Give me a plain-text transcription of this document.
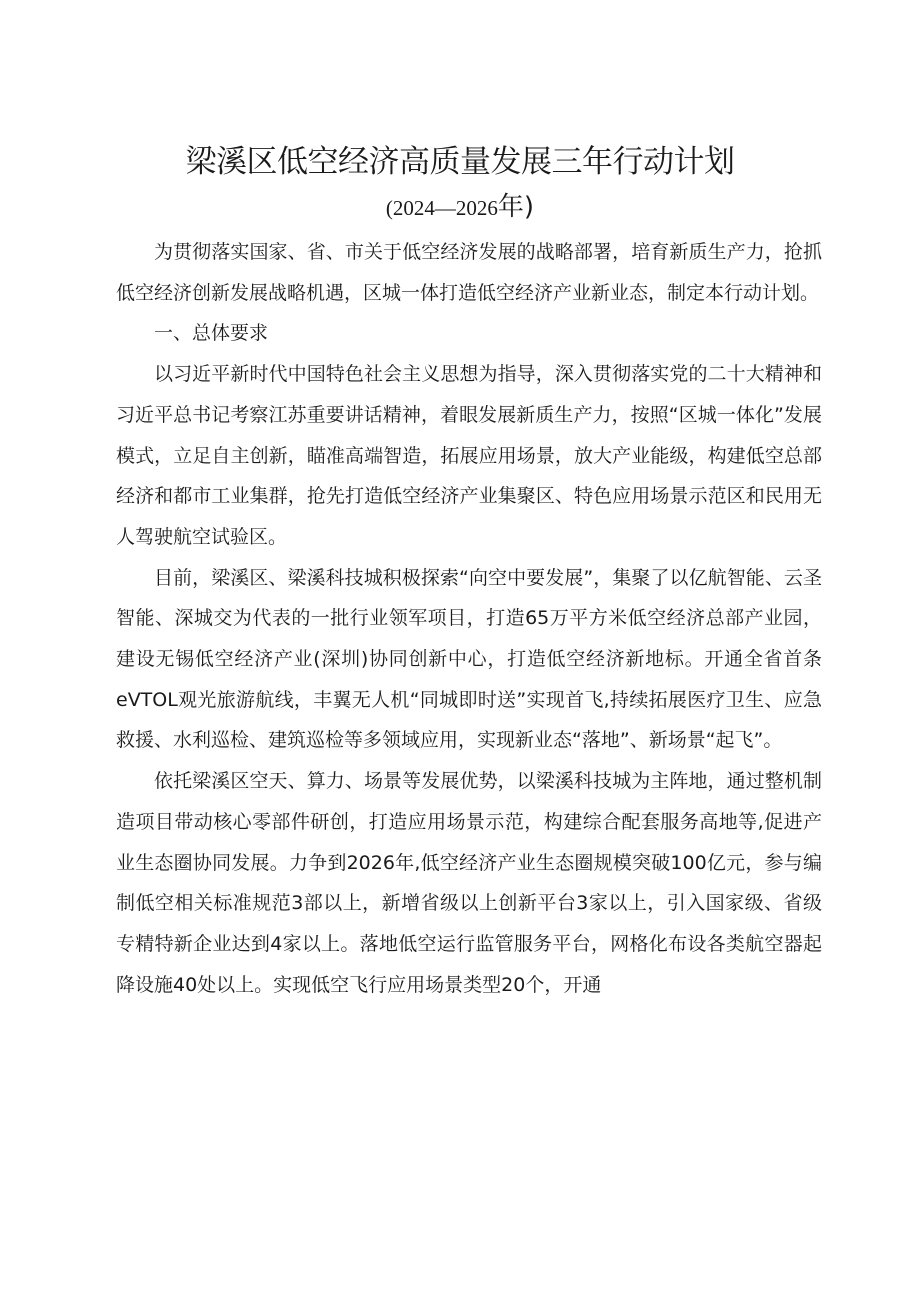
梁溪区低空经济高质量发展三年行动计划
(2024—2026年)

为贯彻落实国家、省、市关于低空经济发展的战略部署，培育新质生产力，抢抓低空经济创新发展战略机遇，区城一体打造低空经济产业新业态，制定本行动计划。

一、总体要求

以习近平新时代中国特色社会主义思想为指导，深入贯彻落实党的二十大精神和习近平总书记考察江苏重要讲话精神，着眼发展新质生产力，按照“区城一体化”发展模式，立足自主创新，瞄准高端智造，拓展应用场景，放大产业能级，构建低空总部经济和都市工业集群，抢先打造低空经济产业集聚区、特色应用场景示范区和民用无人驾驶航空试验区。

目前，梁溪区、梁溪科技城积极探索“向空中要发展”，集聚了以亿航智能、云圣智能、深城交为代表的一批行业领军项目，打造65万平方米低空经济总部产业园，建设无锡低空经济产业(深圳)协同创新中心，打造低空经济新地标。开通全省首条eVTOL观光旅游航线，丰翼无人机“同城即时送”实现首飞,持续拓展医疗卫生、应急救援、水利巡检、建筑巡检等多领域应用，实现新业态“落地”、新场景“起飞”。

依托梁溪区空天、算力、场景等发展优势，以梁溪科技城为主阵地，通过整机制造项目带动核心零部件研创，打造应用场景示范，构建综合配套服务高地等,促进产业生态圈协同发展。力争到2026年,低空经济产业生态圈规模突破100亿元，参与编制低空相关标准规范3部以上，新增省级以上创新平台3家以上，引入国家级、省级专精特新企业达到4家以上。落地低空运行监管服务平台，网格化布设各类航空器起降设施40处以上。实现低空飞行应用场景类型20个，开通
